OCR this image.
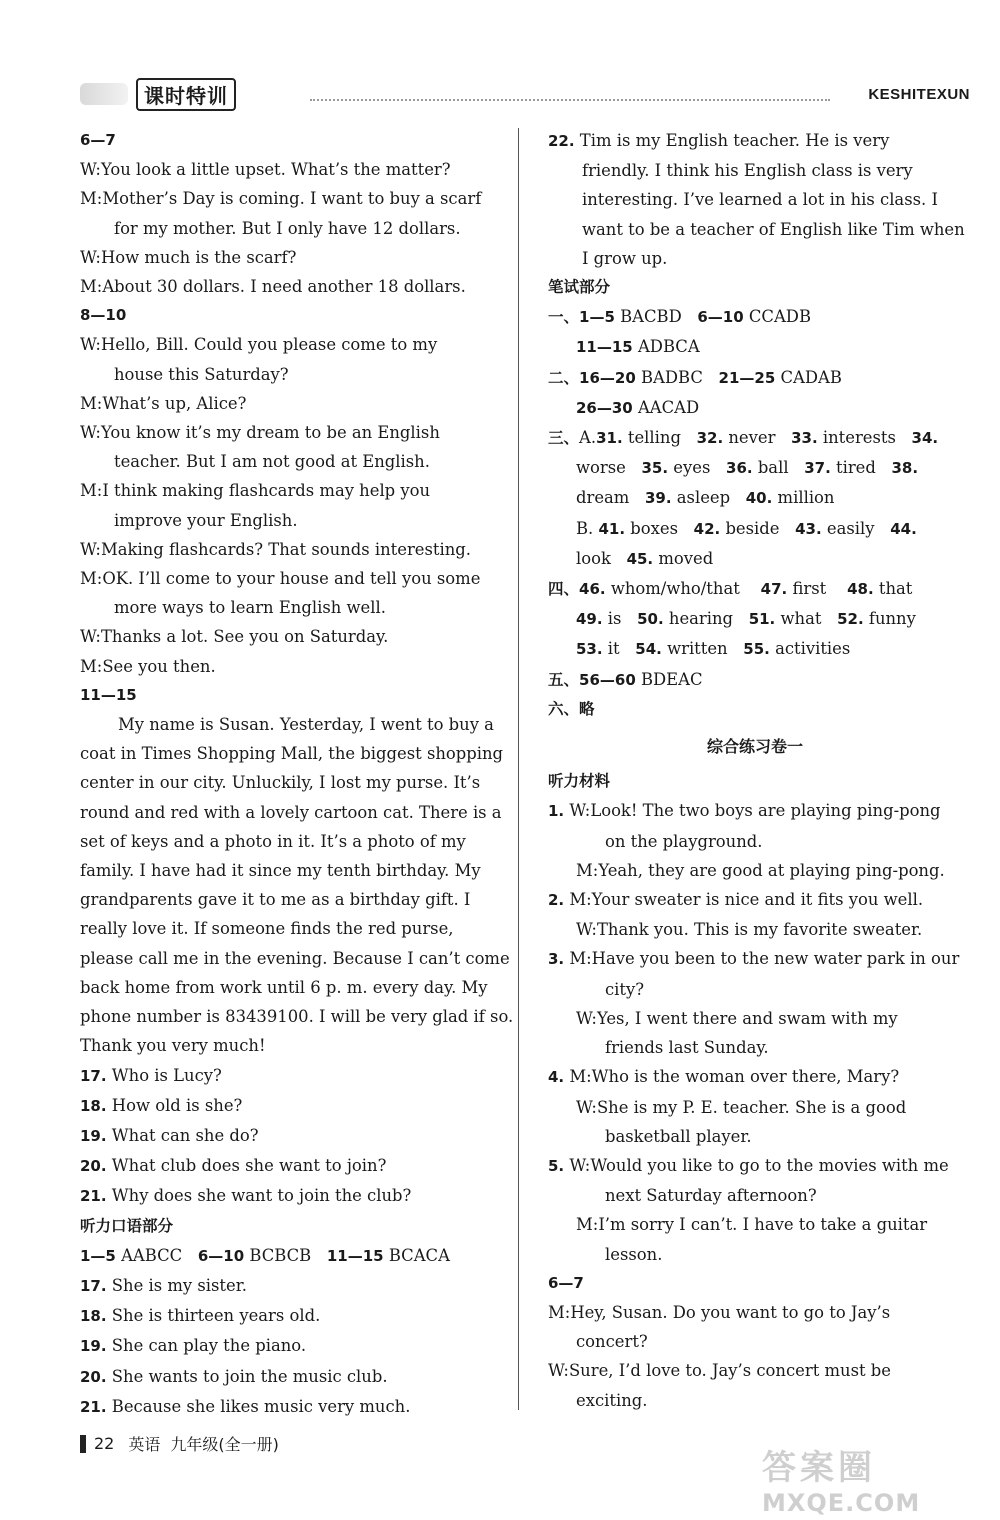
课时特训	KESHITEXUN
6—7
W:You look a little upset. What’s the matter?
M:Mother’s Day is coming. I want to buy a scarf
for my mother. But I only have 12 dollars.
W:How much is the scarf?
M:About 30 dollars. I need another 18 dollars.
8—10
W:Hello, Bill. Could you please come to my
house this Saturday?
M:What’s up, Alice?
W:You know it’s my dream to be an English
teacher. But I am not good at English.
M:I think making flashcards may help you
improve your English.
W:Making flashcards? That sounds interesting.
M:OK. I’ll come to your house and tell you some
more ways to learn English well.
W:Thanks a lot. See you on Saturday.
M:See you then.
11—15
My name is Susan. Yesterday, I went to buy a
coat in Times Shopping Mall, the biggest shopping
center in our city. Unluckily, I lost my purse. It’s
round and red with a lovely cartoon cat. There is a
set of keys and a photo in it. It’s a photo of my
family. I have had it since my tenth birthday. My
grandparents gave it to me as a birthday gift. I
really love it. If someone finds the red purse,
please call me in the evening. Because I can’t come
back home from work until 6 p. m. every day. My
phone number is 83439100. I will be very glad if so.
Thank you very much!
17. Who is Lucy?
18. How old is she?
19. What can she do?
20. What club does she want to join?
21. Why does she want to join the club?
听力口语部分
1—5 AABCC 6—10 BCBCB 11—15 BCACA
17. She is my sister.
18. She is thirteen years old.
19. She can play the piano.
20. She wants to join the music club.
21. Because she likes music very much.
22. Tim is my English teacher. He is very
friendly. I think his English class is very
interesting. I’ve learned a lot in his class. I
want to be a teacher of English like Tim when
I grow up.
笔试部分
一、1—5 BACBD 6—10 CCADB
11—15 ADBCA
二、16—20 BADBC 21—25 CADAB
26—30 AACAD
三、A.31. telling 32. never 33. interests 34.
worse 35. eyes 36. ball 37. tired 38.
dream 39. asleep 40. million
B. 41. boxes 42. beside 43. easily 44.
look 45. moved
四、46. whom/who/that 47. first 48. that
49. is 50. hearing 51. what 52. funny
53. it 54. written 55. activities
五、56—60 BDEAC
六、略
综合练习卷一
听力材料
1. W:Look! The two boys are playing ping-pong
on the playground.
M:Yeah, they are good at playing ping-pong.
2. M:Your sweater is nice and it fits you well.
W:Thank you. This is my favorite sweater.
3. M:Have you been to the new water park in our
city?
W:Yes, I went there and swam with my
friends last Sunday.
4. M:Who is the woman over there, Mary?
W:She is my P. E. teacher. She is a good
basketball player.
5. W:Would you like to go to the movies with me
next Saturday afternoon?
M:I’m sorry I can’t. I have to take a guitar
lesson.
6—7
M:Hey, Susan. Do you want to go to Jay’s
concert?
W:Sure, I’d love to. Jay’s concert must be
exciting.
22 英语 九年级(全一册)
答案圈
MXQE.COM
